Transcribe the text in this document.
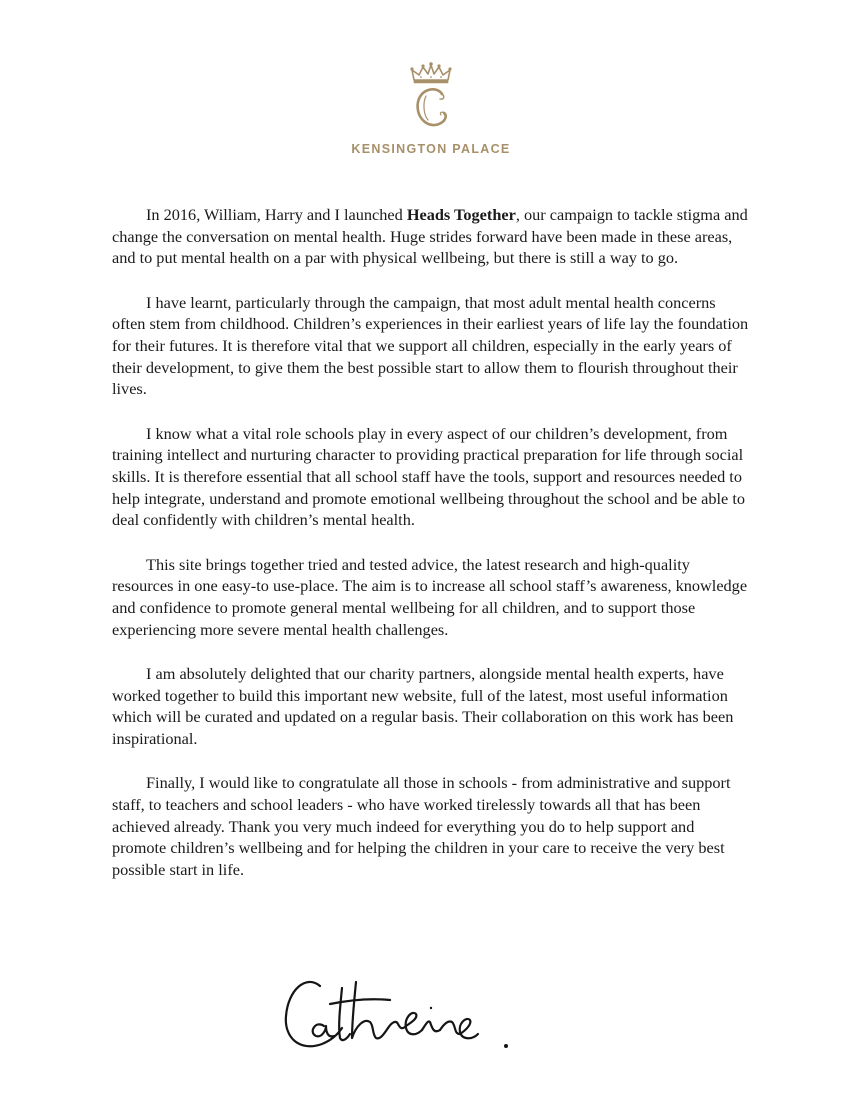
KENSINGTON PALACE

In 2016, William, Harry and I launched Heads Together, our campaign to tackle stigma and change the conversation on mental health. Huge strides forward have been made in these areas, and to put mental health on a par with physical wellbeing, but there is still a way to go.

I have learnt, particularly through the campaign, that most adult mental health concerns often stem from childhood. Children’s experiences in their earliest years of life lay the foundation for their futures. It is therefore vital that we support all children, especially in the early years of their development, to give them the best possible start to allow them to flourish throughout their lives.

I know what a vital role schools play in every aspect of our children’s development, from training intellect and nurturing character to providing practical preparation for life through social skills. It is therefore essential that all school staff have the tools, support and resources needed to help integrate, understand and promote emotional wellbeing throughout the school and be able to deal confidently with children’s mental health.

This site brings together tried and tested advice, the latest research and high-quality resources in one easy-to use-place. The aim is to increase all school staff’s awareness, knowledge and confidence to promote general mental wellbeing for all children, and to support those experiencing more severe mental health challenges.

I am absolutely delighted that our charity partners, alongside mental health experts, have worked together to build this important new website, full of the latest, most useful information which will be curated and updated on a regular basis. Their collaboration on this work has been inspirational.

Finally, I would like to congratulate all those in schools - from administrative and support staff, to teachers and school leaders - who have worked tirelessly towards all that has been achieved already. Thank you very much indeed for everything you do to help support and promote children’s wellbeing and for helping the children in your care to receive the very best possible start in life.
